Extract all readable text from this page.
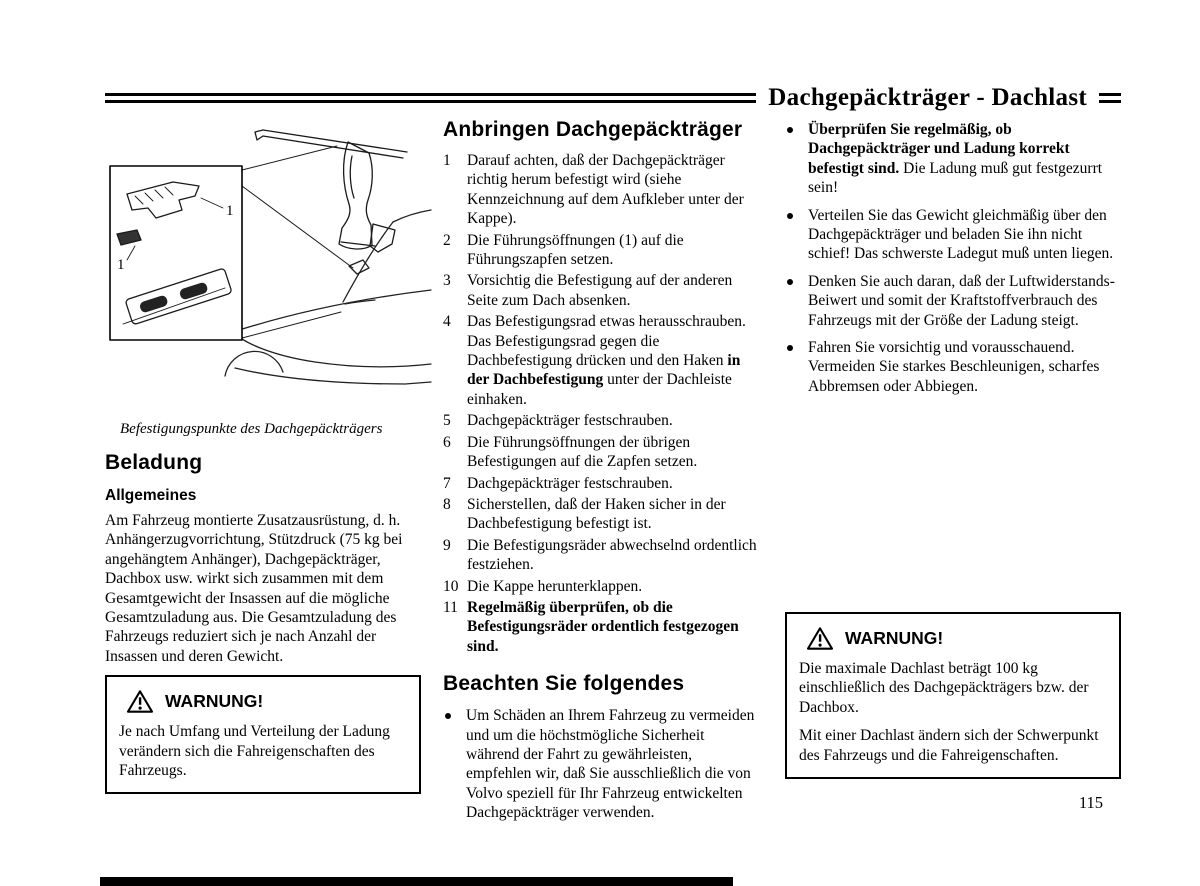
Dachgepäckträger - Dachlast
1
1

Befestigungspunkte des Dachgepäckträgers

Beladung
Allgemeines

Am Fahrzeug montierte Zusatzausrüstung, d. h. Anhängerzugvorrichtung, Stützdruck (75 kg bei angehängtem Anhänger), Dachgepäckträger, Dachbox usw. wirkt sich zusammen mit dem Gesamtgewicht der Insassen auf die mögliche Gesamtzuladung aus. Die Gesamtzuladung des Fahrzeugs reduziert sich je nach Anzahl der Insassen und deren Gewicht.

WARNUNG!

Je nach Umfang und Verteilung der Ladung verändern sich die Fahreigenschaften des Fahrzeugs.

Anbringen Dachgepäckträger
1	Darauf achten, daß der Dachgepäckträger richtig herum befestigt wird (siehe Kennzeichnung auf dem Aufkleber unter der Kappe).
2	Die Führungsöffnungen (1) auf die Führungszapfen setzen.
3	Vorsichtig die Befestigung auf der anderen Seite zum Dach absenken.
4	Das Befestigungsrad etwas herausschrauben. Das Befestigungsrad gegen die Dachbefestigung drücken und den Haken in der Dachbefestigung unter der Dachleiste einhaken.
5	Dachgepäckträger festschrauben.
6	Die Führungsöffnungen der übrigen Befestigungen auf die Zapfen setzen.
7	Dachgepäckträger festschrauben.
8	Sicherstellen, daß der Haken sicher in der Dachbefestigung befestigt ist.
9	Die Befestigungsräder abwechselnd ordentlich festziehen.
10 Die Kappe herunterklappen.
11 Regelmäßig überprüfen, ob die Befestigungsräder ordentlich festgezogen sind.
Beachten Sie folgendes
Um Schäden an Ihrem Fahrzeug zu vermeiden und um die höchstmögliche Sicherheit während der Fahrt zu gewährleisten, empfehlen wir, daß Sie ausschließlich die von Volvo speziell für Ihr Fahrzeug entwickelten Dachgepäckträger verwenden.
Überprüfen Sie regelmäßig, ob Dachgepäckträger und Ladung korrekt befestigt sind. Die Ladung muß gut festgezurrt sein!
Verteilen Sie das Gewicht gleichmäßig über den Dachgepäckträger und beladen Sie ihn nicht schief! Das schwerste Ladegut muß unten liegen.
Denken Sie auch daran, daß der Luftwiderstands-Beiwert und somit der Kraftstoffverbrauch des Fahrzeugs mit der Größe der Ladung steigt.
Fahren Sie vorsichtig und vorausschauend. Vermeiden Sie starkes Beschleunigen, scharfes Abbremsen oder Abbiegen.
WARNUNG!

Die maximale Dachlast beträgt 100 kg einschließlich des Dachgepäckträgers bzw. der Dachbox.

Mit einer Dachlast ändern sich der Schwerpunkt des Fahrzeugs und die Fahreigenschaften.

115
